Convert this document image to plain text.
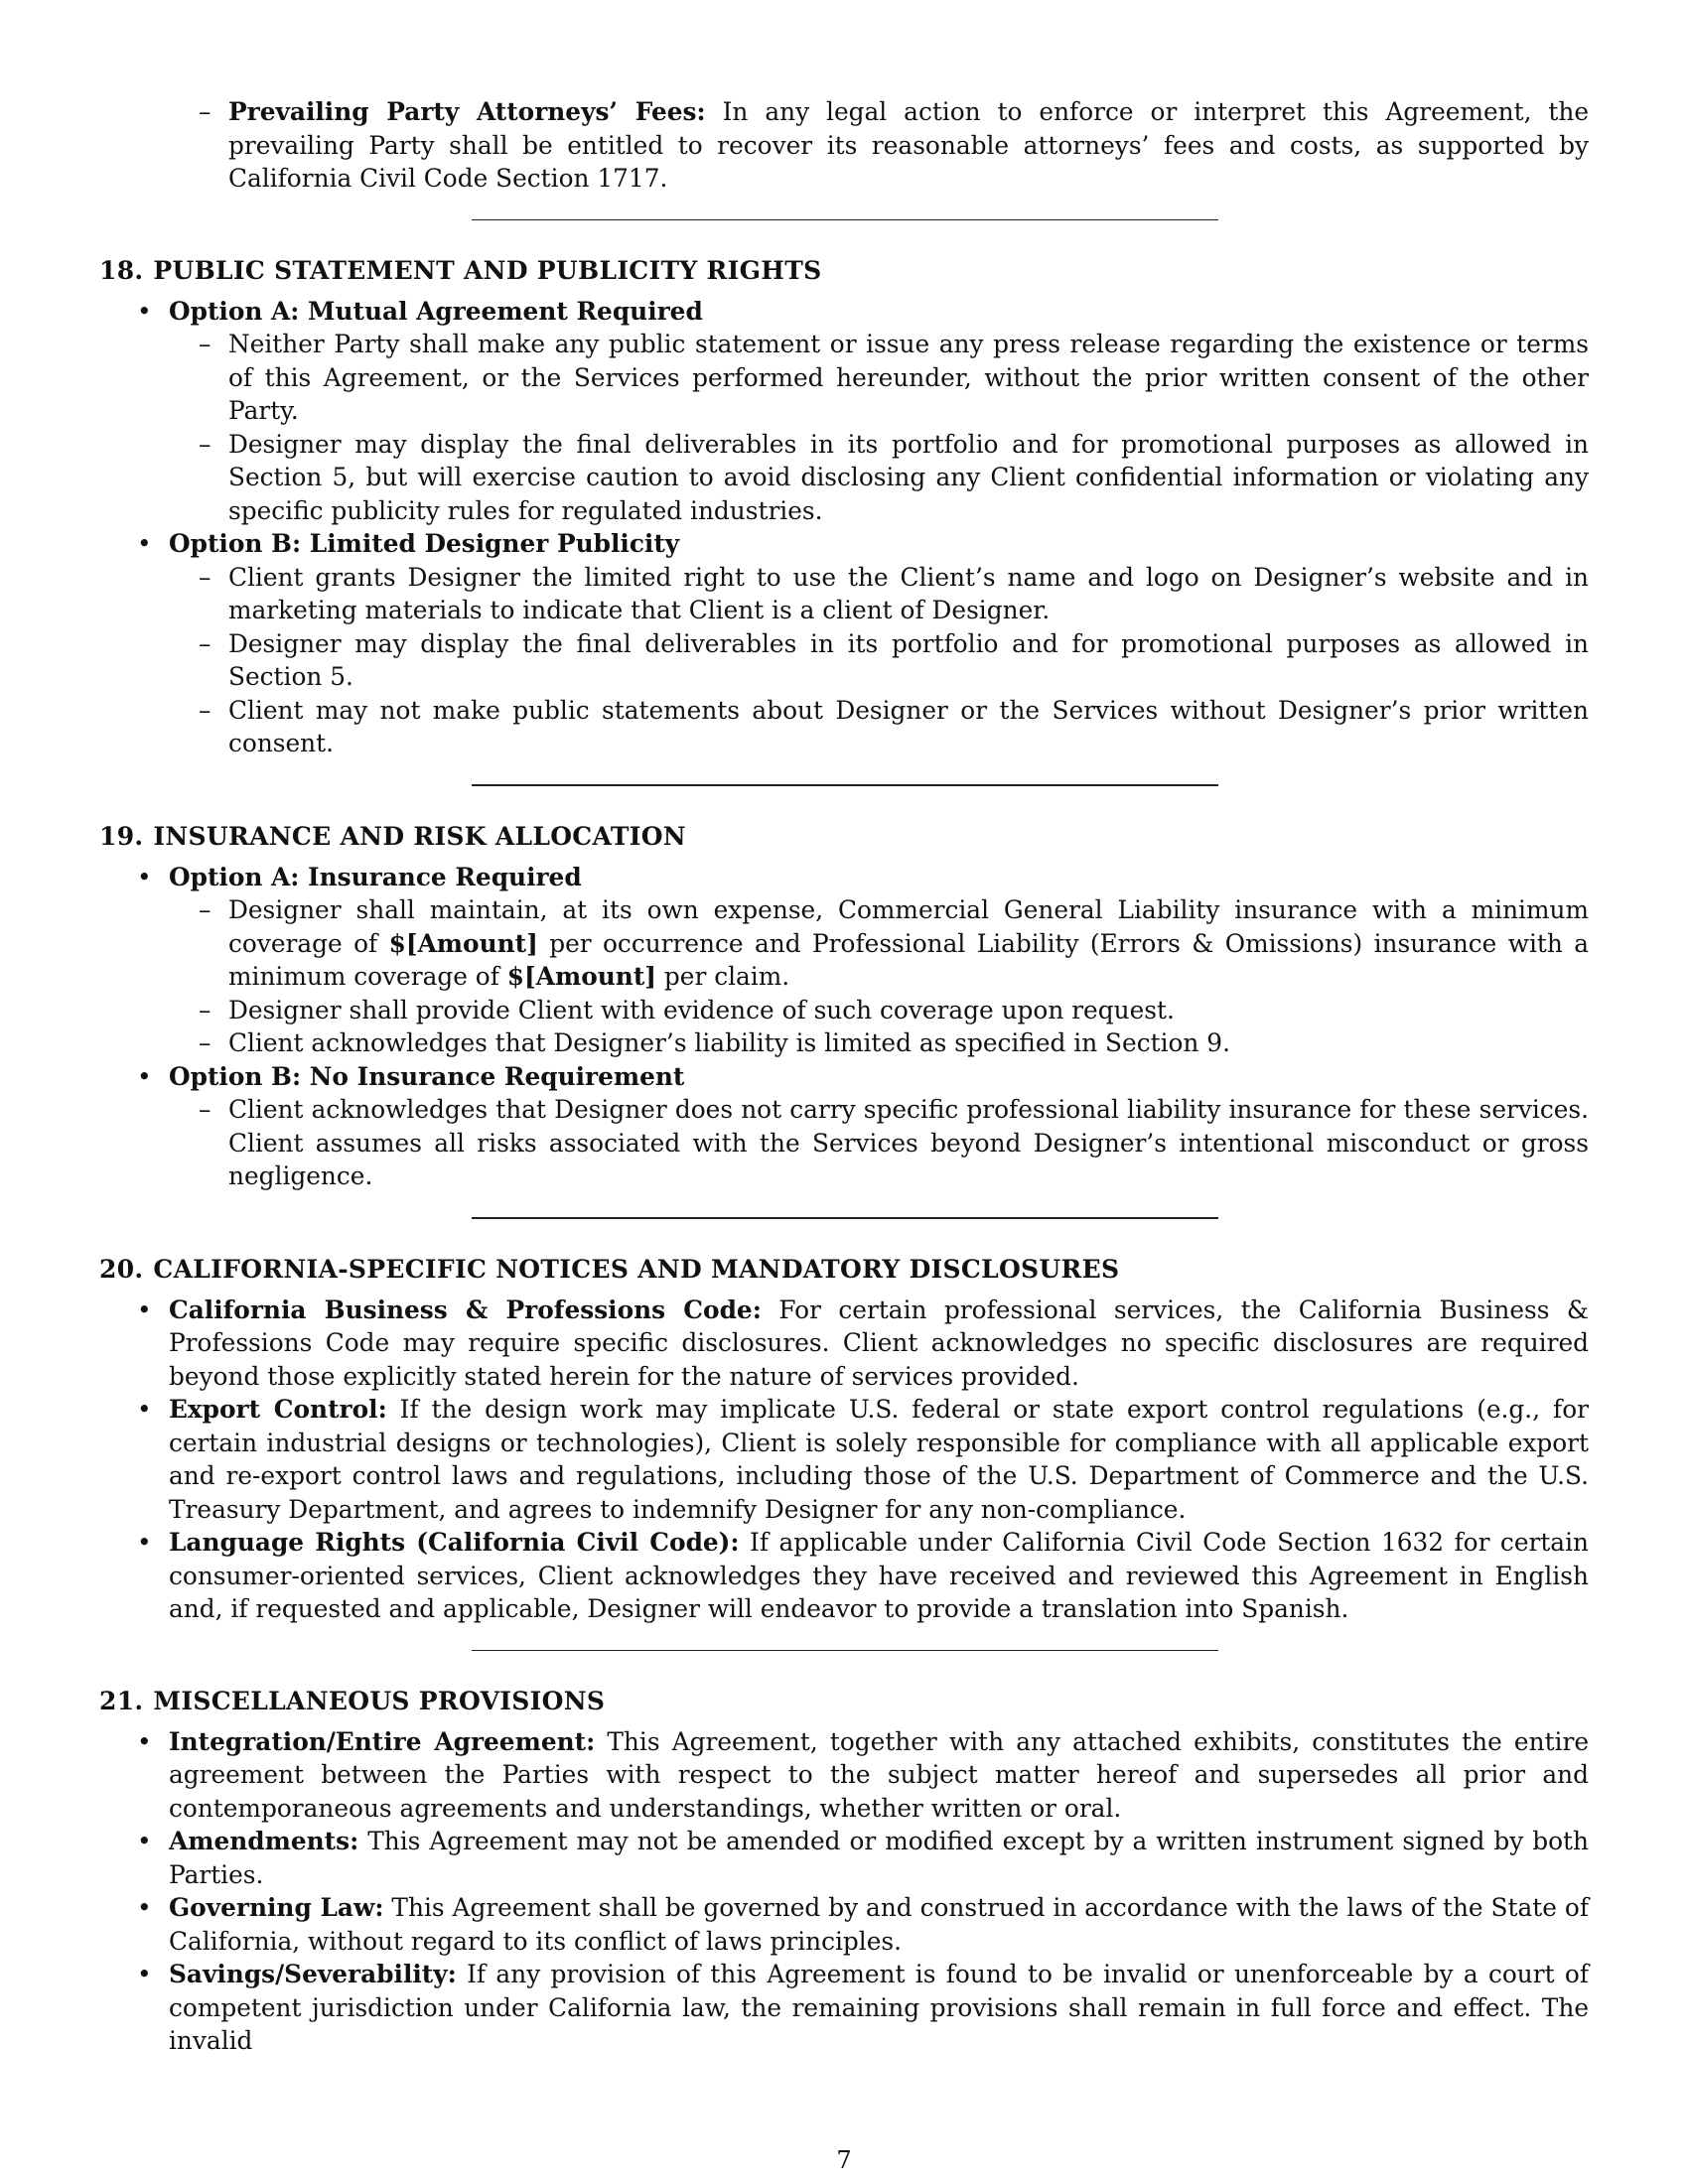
– Prevailing Party Attorneys’ Fees: In any legal action to enforce or interpret this Agreement, the prevailing Party shall be entitled to recover its reasonable attorneys’ fees and costs, as supported by California Civil Code Section 1717.
18. PUBLIC STATEMENT AND PUBLICITY RIGHTS
• Option A: Mutual Agreement Required
– Neither Party shall make any public statement or issue any press release regarding the existence or terms of this Agreement, or the Services performed hereunder, without the prior written consent of the other Party.
– Designer may display the final deliverables in its portfolio and for promotional purposes as allowed in Section 5, but will exercise caution to avoid disclosing any Client confidential information or violating any specific publicity rules for regulated industries.
• Option B: Limited Designer Publicity
– Client grants Designer the limited right to use the Client’s name and logo on Designer’s website and in marketing materials to indicate that Client is a client of Designer.
– Designer may display the final deliverables in its portfolio and for promotional purposes as allowed in Section 5.
– Client may not make public statements about Designer or the Services without Designer’s prior written consent.
19. INSURANCE AND RISK ALLOCATION
• Option A: Insurance Required
– Designer shall maintain, at its own expense, Commercial General Liability insurance with a minimum coverage of $[Amount] per occurrence and Professional Liability (Errors & Omissions) insurance with a minimum coverage of $[Amount] per claim.
– Designer shall provide Client with evidence of such coverage upon request.
– Client acknowledges that Designer’s liability is limited as specified in Section 9.
• Option B: No Insurance Requirement
– Client acknowledges that Designer does not carry specific professional liability insurance for these services. Client assumes all risks associated with the Services beyond Designer’s intentional misconduct or gross negligence.
20. CALIFORNIA-SPECIFIC NOTICES AND MANDATORY DISCLOSURES
• California Business & Professions Code: For certain professional services, the California Business & Professions Code may require specific disclosures. Client acknowledges no specific disclosures are required beyond those explicitly stated herein for the nature of services provided.
• Export Control: If the design work may implicate U.S. federal or state export control regulations (e.g., for certain industrial designs or technologies), Client is solely responsible for compliance with all applicable export and re-export control laws and regulations, including those of the U.S. Department of Commerce and the U.S. Treasury Department, and agrees to indemnify Designer for any non-compliance.
• Language Rights (California Civil Code): If applicable under California Civil Code Section 1632 for certain consumer-oriented services, Client acknowledges they have received and reviewed this Agreement in English and, if requested and applicable, Designer will endeavor to provide a translation into Spanish.
21. MISCELLANEOUS PROVISIONS
• Integration/Entire Agreement: This Agreement, together with any attached exhibits, constitutes the entire agreement between the Parties with respect to the subject matter hereof and supersedes all prior and contemporaneous agreements and understandings, whether written or oral.
• Amendments: This Agreement may not be amended or modified except by a written instrument signed by both Parties.
• Governing Law: This Agreement shall be governed by and construed in accordance with the laws of the State of California, without regard to its conflict of laws principles.
• Savings/Severability: If any provision of this Agreement is found to be invalid or unenforceable by a court of competent jurisdiction under California law, the remaining provisions shall remain in full force and effect. The invalid
7
